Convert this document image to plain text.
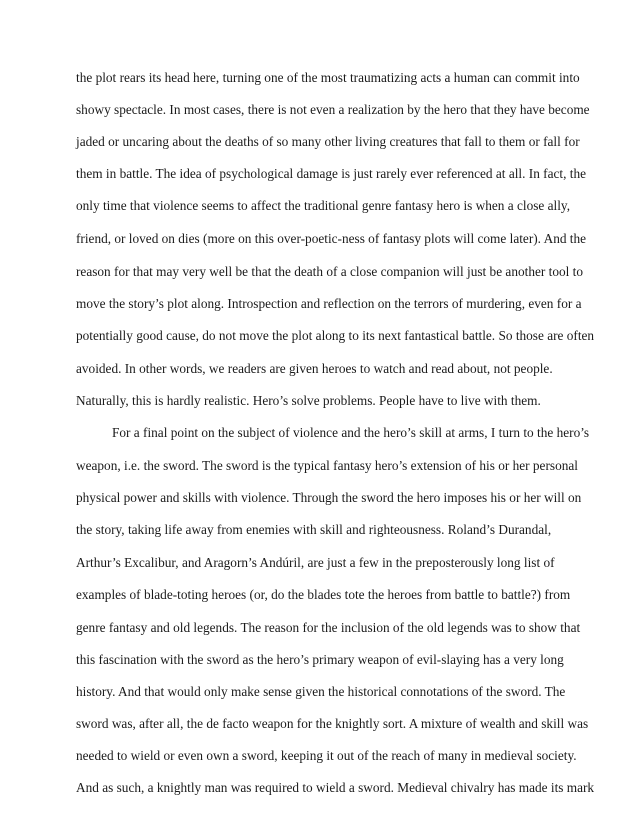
the plot rears its head here, turning one of the most traumatizing acts a human can commit into
showy spectacle. In most cases, there is not even a realization by the hero that they have become
jaded or uncaring about the deaths of so many other living creatures that fall to them or fall for
them in battle. The idea of psychological damage is just rarely ever referenced at all. In fact, the
only time that violence seems to affect the traditional genre fantasy hero is when a close ally,
friend, or loved on dies (more on this over-poetic-ness of fantasy plots will come later). And the
reason for that may very well be that the death of a close companion will just be another tool to
move the story’s plot along. Introspection and reflection on the terrors of murdering, even for a
potentially good cause, do not move the plot along to its next fantastical battle. So those are often
avoided. In other words, we readers are given heroes to watch and read about, not people.
Naturally, this is hardly realistic. Hero’s solve problems. People have to live with them.
For a final point on the subject of violence and the hero’s skill at arms, I turn to the hero’s
weapon, i.e. the sword. The sword is the typical fantasy hero’s extension of his or her personal
physical power and skills with violence. Through the sword the hero imposes his or her will on
the story, taking life away from enemies with skill and righteousness. Roland’s Durandal,
Arthur’s Excalibur, and Aragorn’s Andúril, are just a few in the preposterously long list of
examples of blade-toting heroes (or, do the blades tote the heroes from battle to battle?) from
genre fantasy and old legends. The reason for the inclusion of the old legends was to show that
this fascination with the sword as the hero’s primary weapon of evil-slaying has a very long
history. And that would only make sense given the historical connotations of the sword. The
sword was, after all, the de facto weapon for the knightly sort. A mixture of wealth and skill was
needed to wield or even own a sword, keeping it out of the reach of many in medieval society.
And as such, a knightly man was required to wield a sword. Medieval chivalry has made its mark
